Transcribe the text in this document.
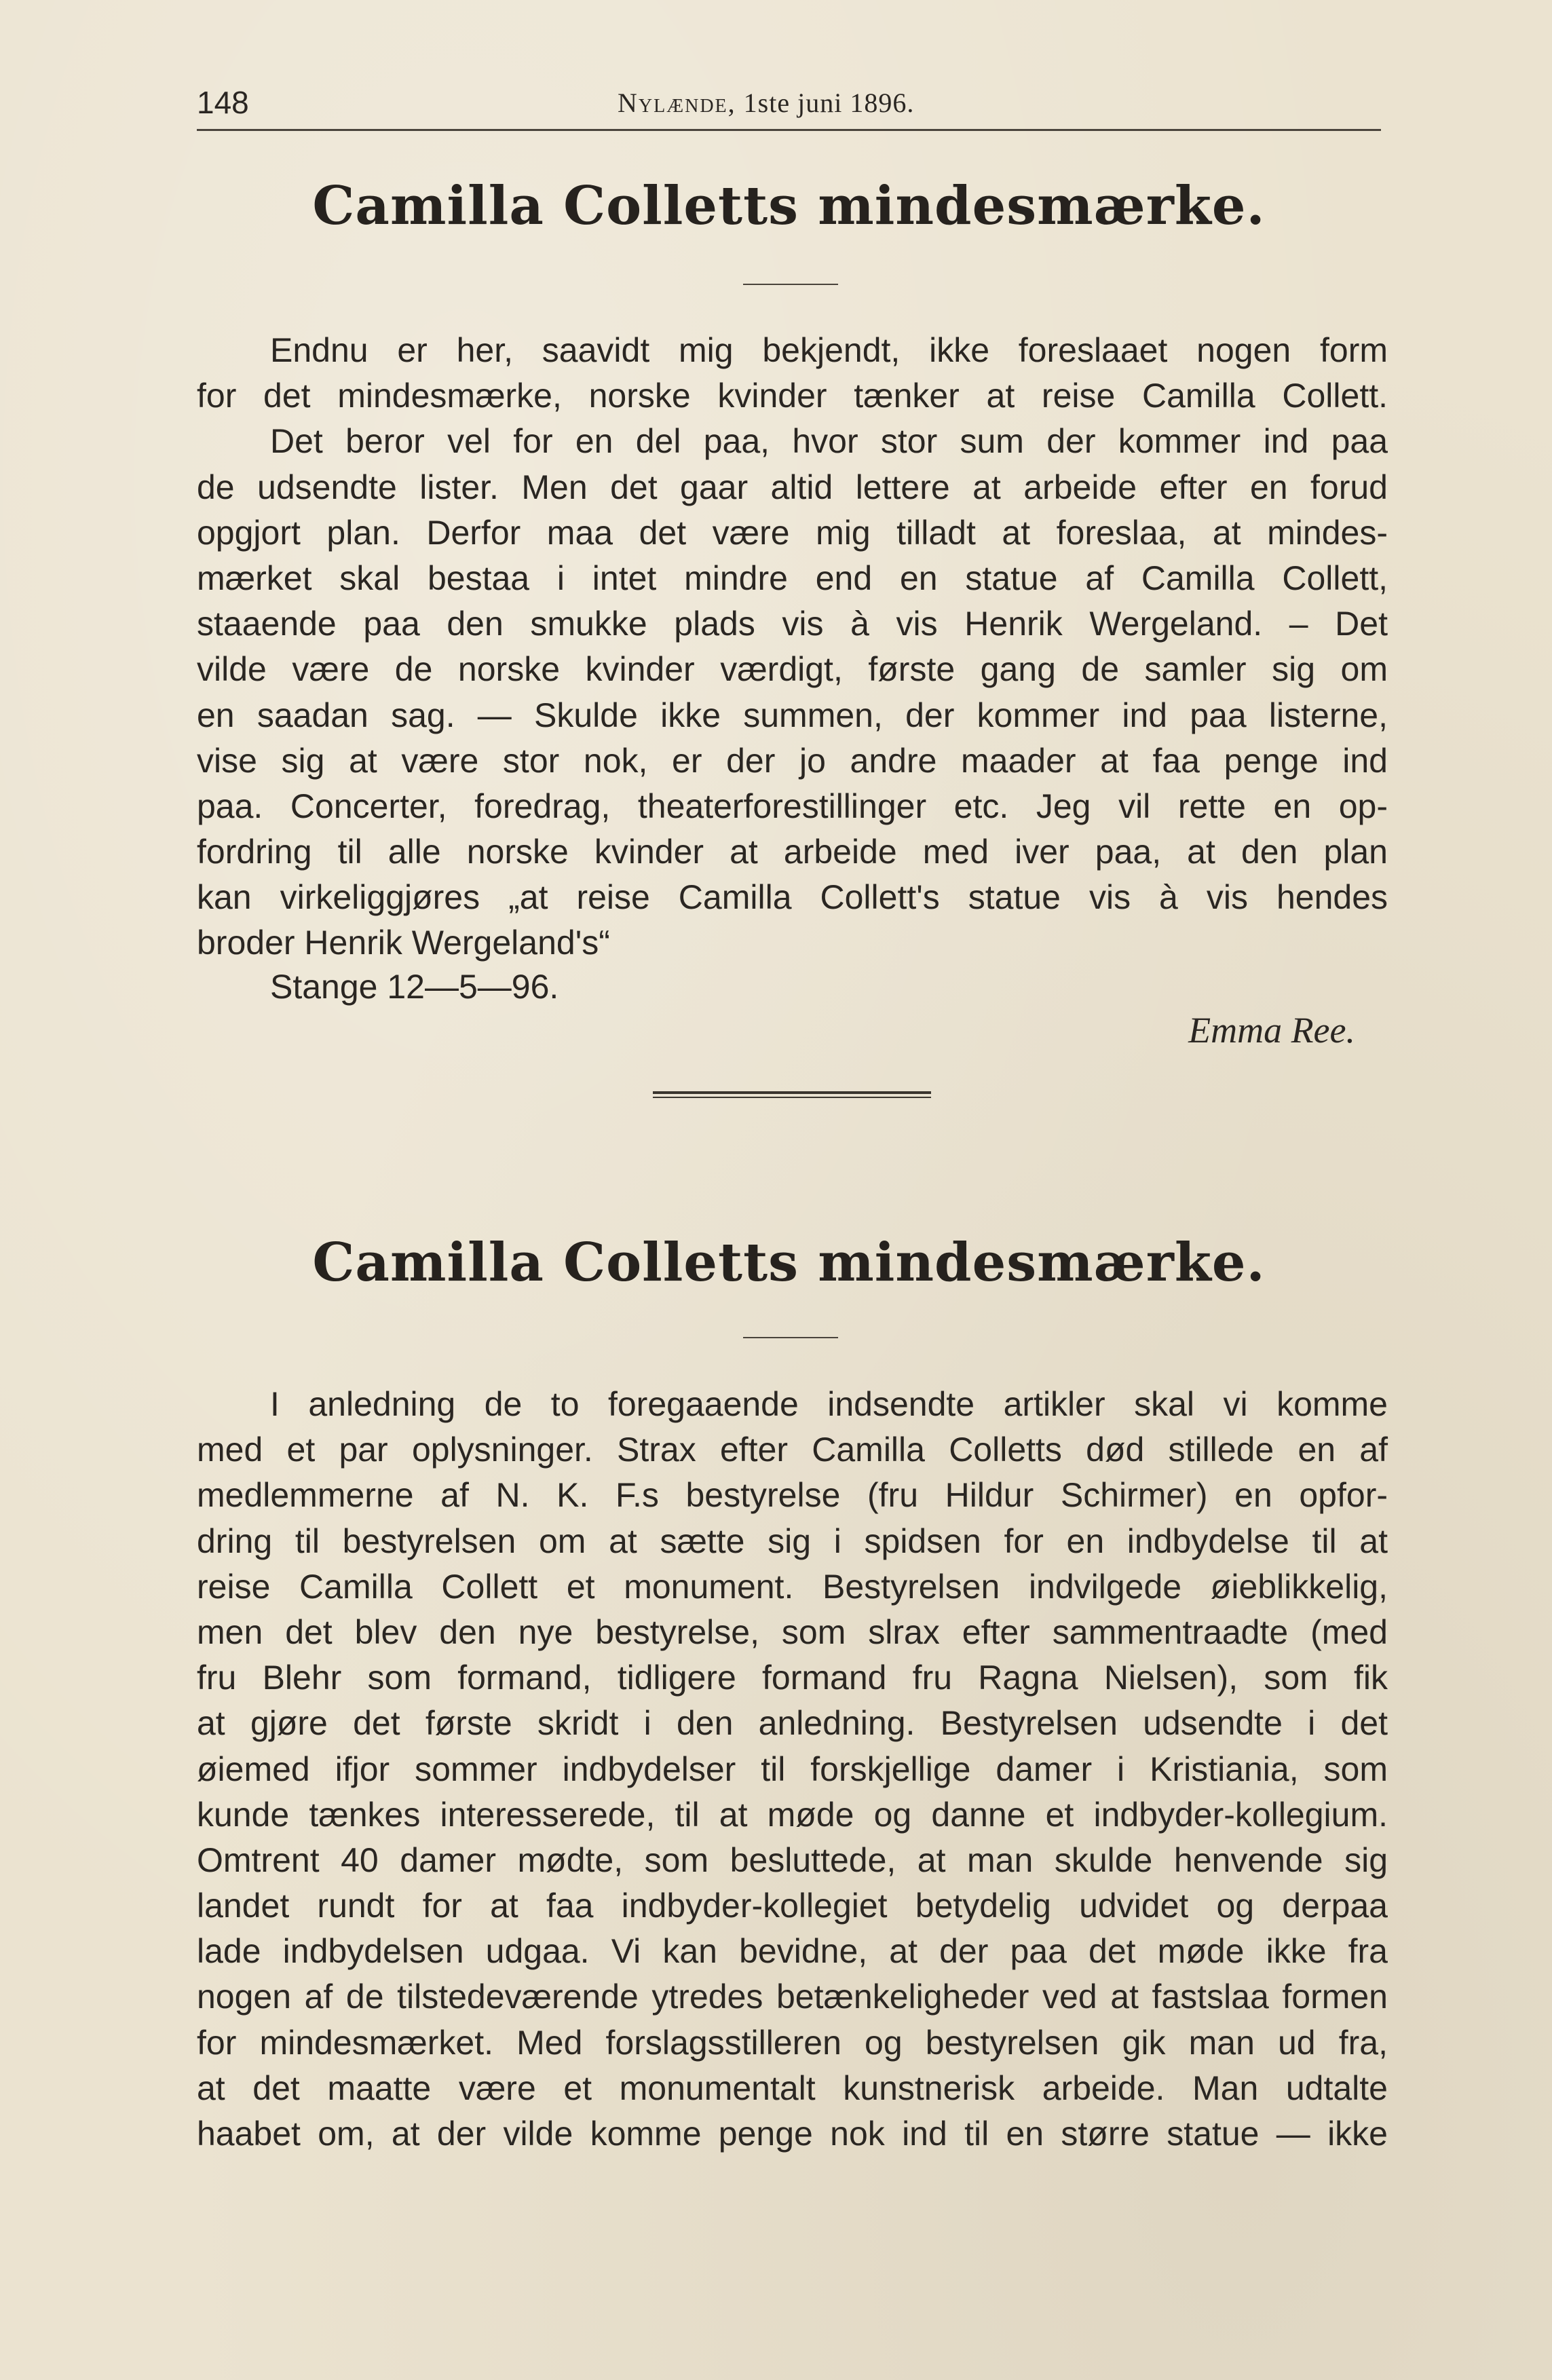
148	Nylænde, 1ste juni 1896.
Camilla Colletts mindesmærke.
Endnu er her, saavidt mig bekjendt, ikke foreslaaet nogen form
for det mindesmærke, norske kvinder tænker at reise Camilla Collett.
Det beror vel for en del paa, hvor stor sum der kommer ind paa
de udsendte lister. Men det gaar altid lettere at arbeide efter en forud
opgjort plan. Derfor maa det være mig tilladt at foreslaa, at mindes-
mærket skal bestaa i intet mindre end en statue af Camilla Collett,
staaende paa den smukke plads vis à vis Henrik Wergeland. – Det
vilde være de norske kvinder værdigt, første gang de samler sig om
en saadan sag. — Skulde ikke summen, der kommer ind paa listerne,
vise sig at være stor nok, er der jo andre maader at faa penge ind
paa. Concerter, foredrag, theaterforestillinger etc. Jeg vil rette en op-
fordring til alle norske kvinder at arbeide med iver paa, at den plan
kan virkeliggjøres „at reise Camilla Collett's statue vis à vis hendes
broder Henrik Wergeland's“
Stange 12—5—96.
Emma Ree.
Camilla Colletts mindesmærke.
I anledning de to foregaaende indsendte artikler skal vi komme
med et par oplysninger. Strax efter Camilla Colletts død stillede en af
medlemmerne af N. K. F.s bestyrelse (fru Hildur Schirmer) en opfor-
dring til bestyrelsen om at sætte sig i spidsen for en indbydelse til at
reise Camilla Collett et monument. Bestyrelsen indvilgede øieblikkelig,
men det blev den nye bestyrelse, som slrax efter sammentraadte (med
fru Blehr som formand, tidligere formand fru Ragna Nielsen), som fik
at gjøre det første skridt i den anledning. Bestyrelsen udsendte i det
øiemed ifjor sommer indbydelser til forskjellige damer i Kristiania, som
kunde tænkes interesserede, til at møde og danne et indbyder-kollegium.
Omtrent 40 damer mødte, som besluttede, at man skulde henvende sig
landet rundt for at faa indbyder-kollegiet betydelig udvidet og derpaa
lade indbydelsen udgaa. Vi kan bevidne, at der paa det møde ikke fra
nogen af de tilstedeværende ytredes betænkeligheder ved at fastslaa formen
for mindesmærket. Med forslagsstilleren og bestyrelsen gik man ud fra,
at det maatte være et monumentalt kunstnerisk arbeide. Man udtalte
haabet om, at der vilde komme penge nok ind til en større statue — ikke
